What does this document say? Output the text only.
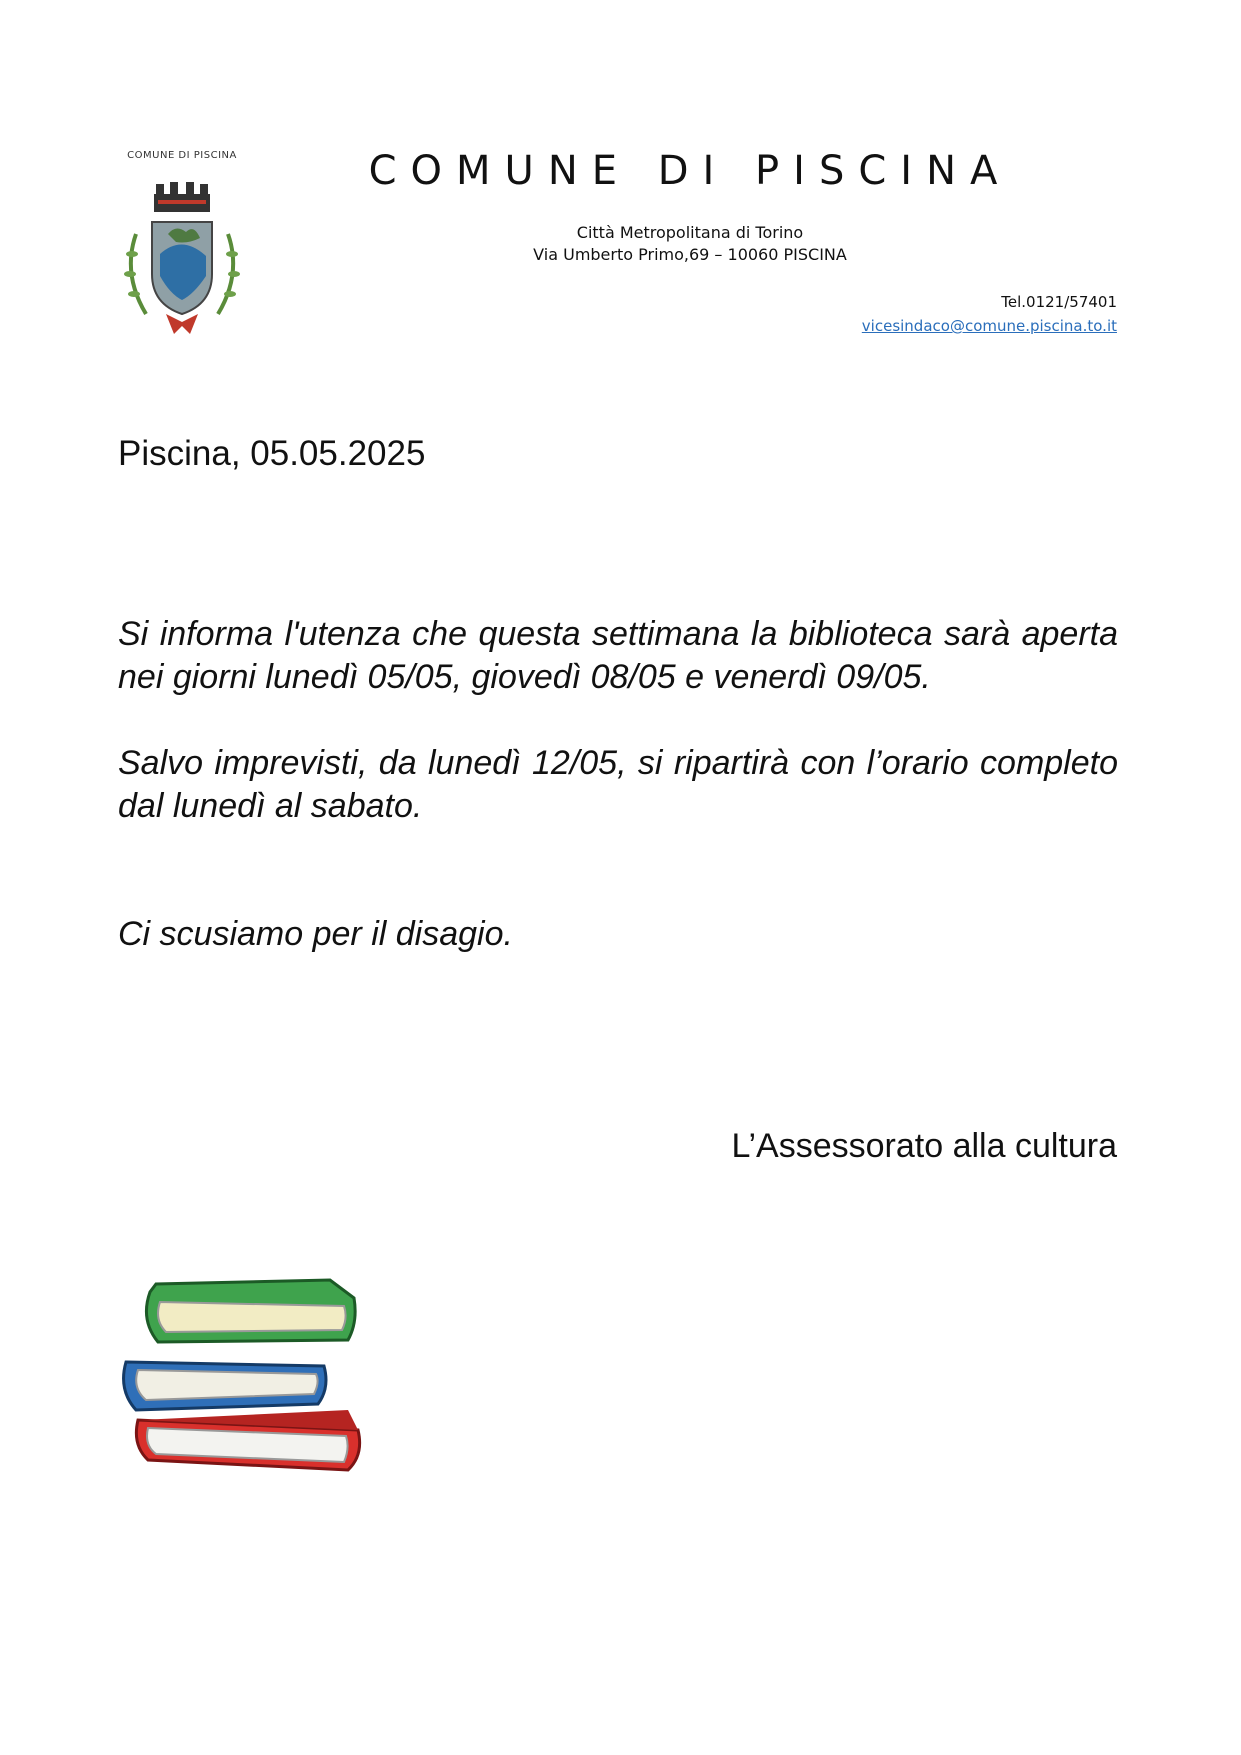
COMUNE DI PISCINA	COMUNE DI PISCINA
Città Metropolitana di Torino
Via Umberto Primo,69 – 10060 PISCINA
Tel.0121/57401
vicesindaco@comune.piscina.to.it
Piscina, 05.05.2025

Si informa l'utenza che questa settimana la biblioteca sarà aperta nei giorni lunedì 05/05, giovedì 08/05 e venerdì 09/05.

Salvo imprevisti, da lunedì 12/05, si ripartirà con l’orario completo dal lunedì al sabato.

Ci scusiamo per il disagio.

L’Assessorato alla cultura
